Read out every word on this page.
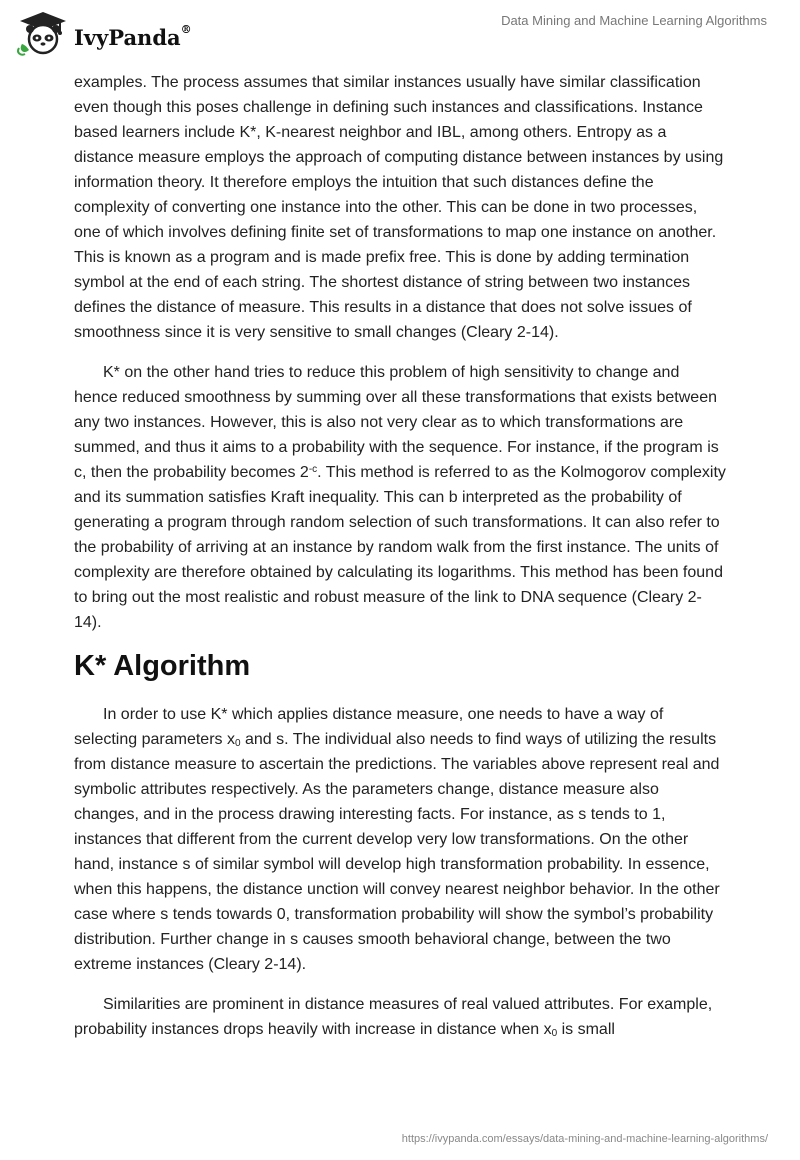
IvyPanda®
Data Mining and Machine Learning Algorithms

examples. The process assumes that similar instances usually have similar classification even though this poses challenge in defining such instances and classifications. Instance based learners include K*, K-nearest neighbor and IBL, among others. Entropy as a distance measure employs the approach of computing distance between instances by using information theory. It therefore employs the intuition that such distances define the complexity of converting one instance into the other. This can be done in two processes, one of which involves defining finite set of transformations to map one instance on another. This is known as a program and is made prefix free. This is done by adding termination symbol at the end of each string. The shortest distance of string between two instances defines the distance of measure. This results in a distance that does not solve issues of smoothness since it is very sensitive to small changes (Cleary 2-14).

K* on the other hand tries to reduce this problem of high sensitivity to change and hence reduced smoothness by summing over all these transformations that exists between any two instances. However, this is also not very clear as to which transformations are summed, and thus it aims to a probability with the sequence. For instance, if the program is c, then the probability becomes $2^{-c}$. This method is referred to as the Kolmogorov complexity and its summation satisfies Kraft inequality. This can b interpreted as the probability of generating a program through random selection of such transformations. It can also refer to the probability of arriving at an instance by random walk from the first instance. The units of complexity are therefore obtained by calculating its logarithms. This method has been found to bring out the most realistic and robust measure of the link to DNA sequence (Cleary 2-14).

K* Algorithm

In order to use K* which applies distance measure, one needs to have a way of selecting parameters $x_0$ and s. The individual also needs to find ways of utilizing the results from distance measure to ascertain the predictions. The variables above represent real and symbolic attributes respectively. As the parameters change, distance measure also changes, and in the process drawing interesting facts. For instance, as s tends to 1, instances that different from the current develop very low transformations. On the other hand, instance s of similar symbol will develop high transformation probability. In essence, when this happens, the distance unction will convey nearest neighbor behavior. In the other case where s tends towards 0, transformation probability will show the symbol’s probability distribution. Further change in s causes smooth behavioral change, between the two extreme instances (Cleary 2-14).

Similarities are prominent in distance measures of real valued attributes. For example, probability instances drops heavily with increase in distance when $x_0$ is small

https://ivypanda.com/essays/data-mining-and-machine-learning-algorithms/
